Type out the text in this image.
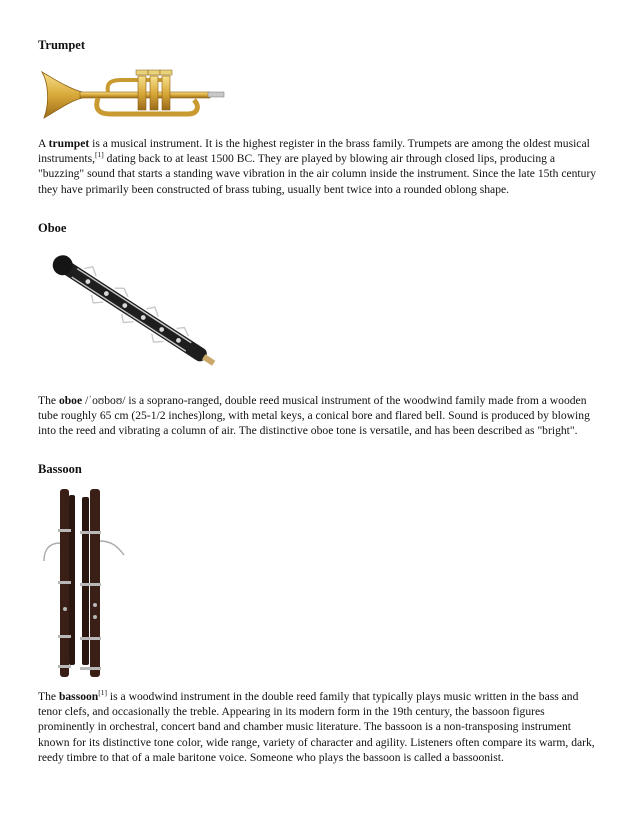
Trumpet

A trumpet is a musical instrument. It is the highest register in the brass family. Trumpets are among the oldest musical instruments,[1] dating back to at least 1500 BC. They are played by blowing air through closed lips, producing a "buzzing" sound that starts a standing wave vibration in the air column inside the instrument. Since the late 15th century they have primarily been constructed of brass tubing, usually bent twice into a rounded oblong shape.

Oboe

The oboe /ˈoʊboʊ/ is a soprano-ranged, double reed musical instrument of the woodwind family made from a wooden tube roughly 65 cm (25-1/2 inches)long, with metal keys, a conical bore and flared bell. Sound is produced by blowing into the reed and vibrating a column of air. The distinctive oboe tone is versatile, and has been described as "bright".

Bassoon

The bassoon[1] is a woodwind instrument in the double reed family that typically plays music written in the bass and tenor clefs, and occasionally the treble. Appearing in its modern form in the 19th century, the bassoon figures prominently in orchestral, concert band and chamber music literature. The bassoon is a non-transposing instrument known for its distinctive tone color, wide range, variety of character and agility. Listeners often compare its warm, dark, reedy timbre to that of a male baritone voice. Someone who plays the bassoon is called a bassoonist.
